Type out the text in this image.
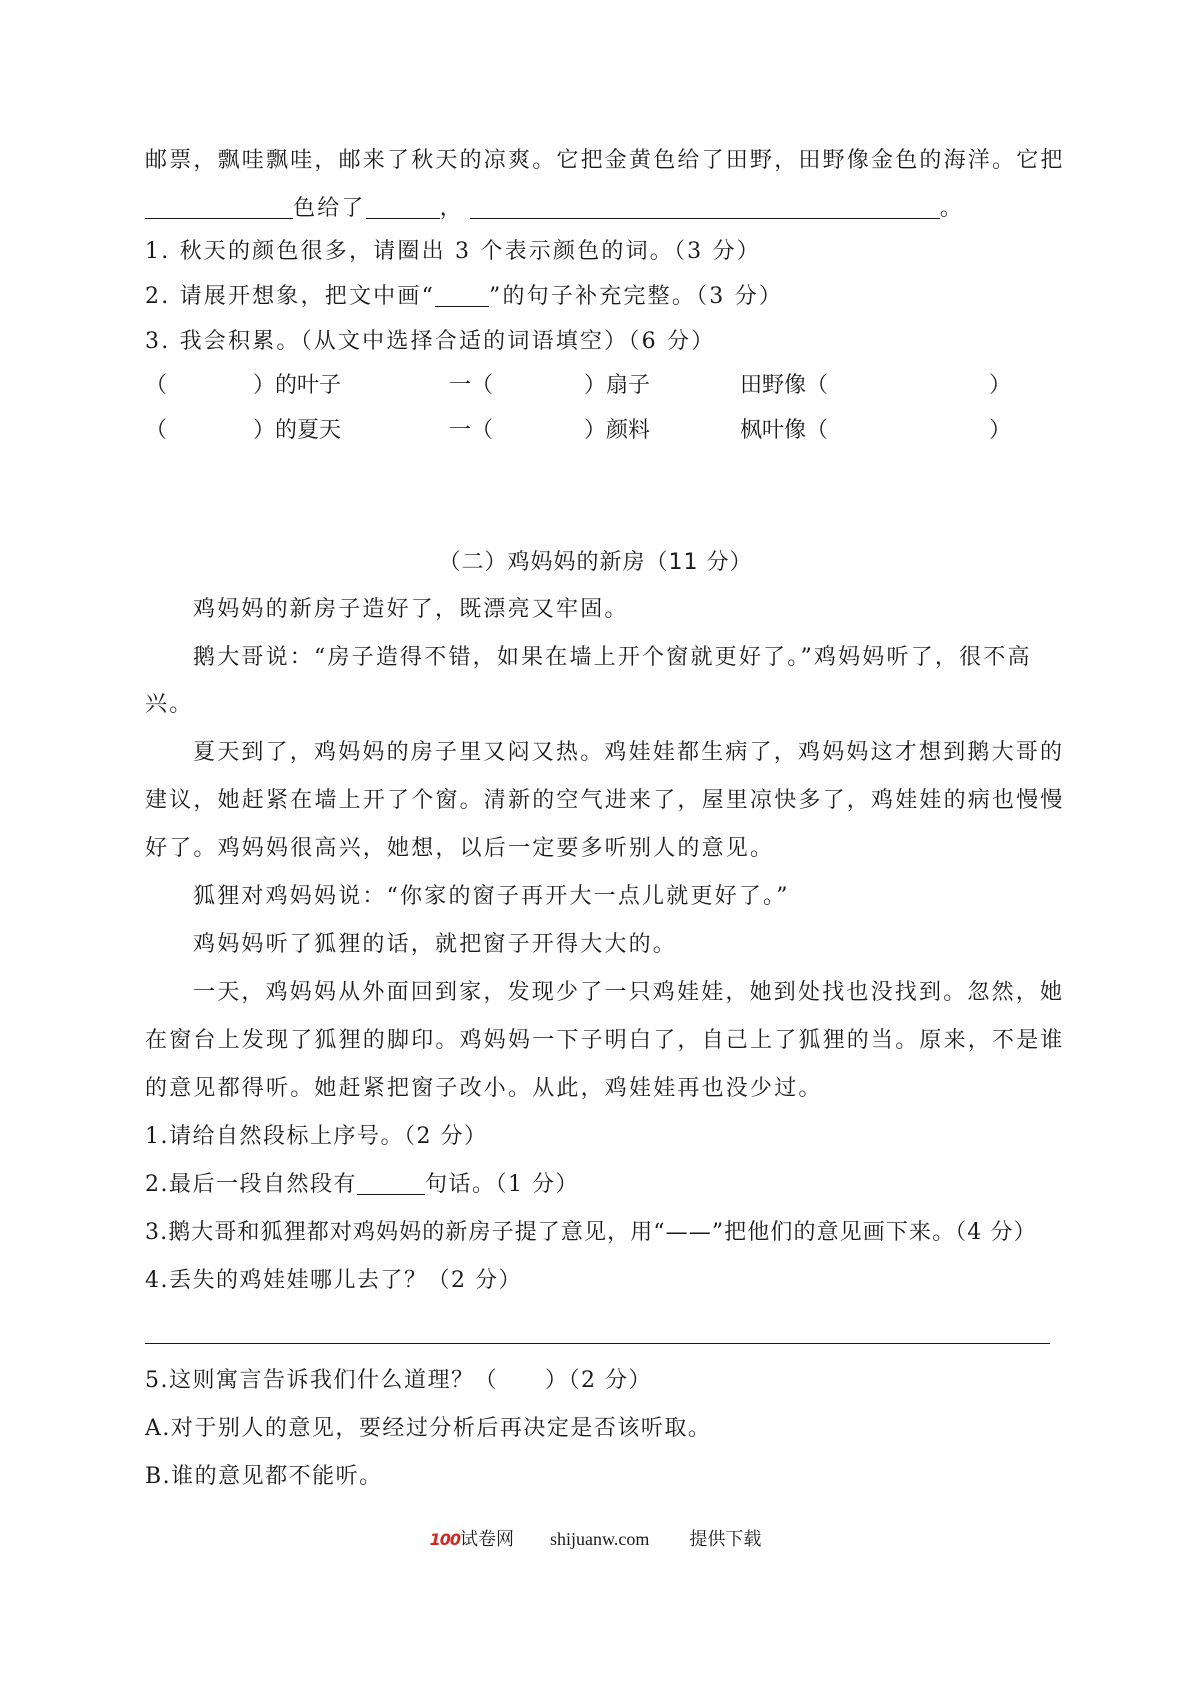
邮票，飘哇飘哇，邮来了秋天的凉爽。它把金黄色给了田野，田野像金色的海洋。它把
色给了	，	。
1. 秋天的颜色很多，请圈出 3 个表示颜色的词。（3 分）
2. 请展开想象，把文中画“ ”的句子补充完整。（3 分）
3. 我会积累。（从文中选择合适的词语填空）（6 分）
（	）的叶子	一（	）扇子	田野像（	）
（	）的夏天	一（	）颜料	枫叶像（	）
（二）鸡妈妈的新房（11 分）
鸡妈妈的新房子造好了，既漂亮又牢固。
鹅大哥说：“房子造得不错，如果在墙上开个窗就更好了。”鸡妈妈听了，很不高
兴。
夏天到了，鸡妈妈的房子里又闷又热。鸡娃娃都生病了，鸡妈妈这才想到鹅大哥的
建议，她赶紧在墙上开了个窗。清新的空气进来了，屋里凉快多了，鸡娃娃的病也慢慢
好了。鸡妈妈很高兴，她想，以后一定要多听别人的意见。
狐狸对鸡妈妈说：“你家的窗子再开大一点儿就更好了。”
鸡妈妈听了狐狸的话，就把窗子开得大大的。
一天，鸡妈妈从外面回到家，发现少了一只鸡娃娃，她到处找也没找到。忽然，她
在窗台上发现了狐狸的脚印。鸡妈妈一下子明白了，自己上了狐狸的当。原来，不是谁
的意见都得听。她赶紧把窗子改小。从此，鸡娃娃再也没少过。
1.请给自然段标上序号。（2 分）
2.最后一段自然段有	句话。（1 分）
3.鹅大哥和狐狸都对鸡妈妈的新房子提了意见，用“——”把他们的意见画下来。（4 分）
4.丢失的鸡娃娃哪儿去了？（2 分）
5.这则寓言告诉我们什么道理？（　　）（2 分）
A.对于别人的意见，要经过分析后再决定是否该听取。
B.谁的意见都不能听。
100试卷网 shijuanw.com 提供下载
